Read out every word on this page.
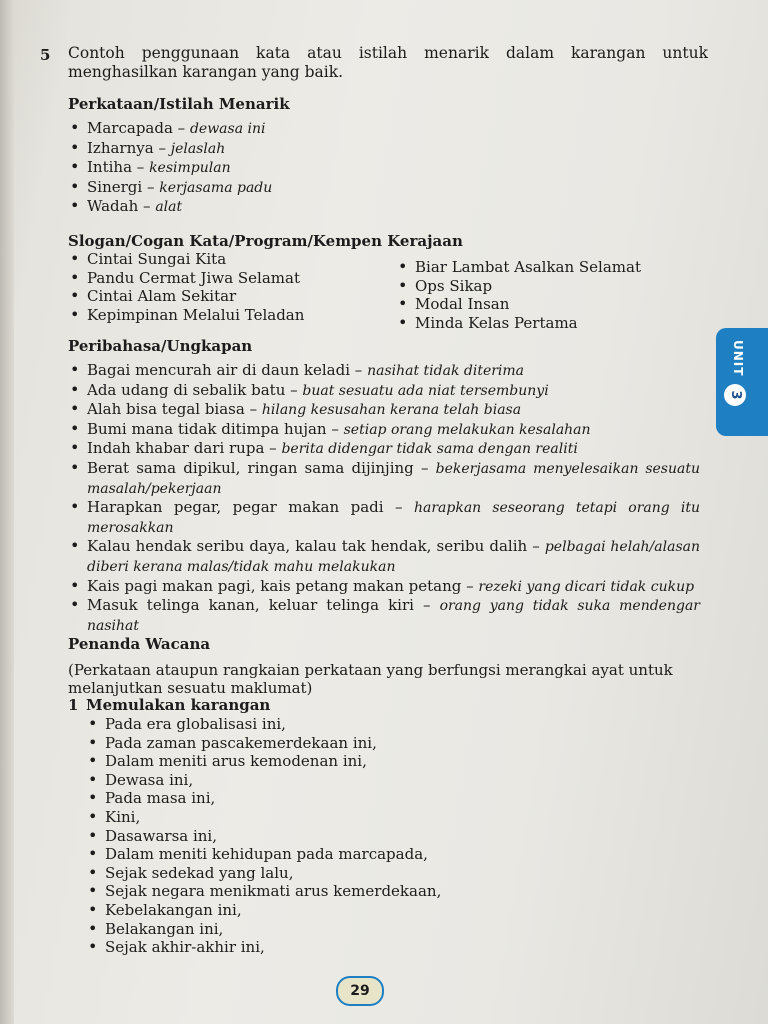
5 Contoh penggunaan kata atau istilah menarik dalam karangan untuk menghasilkan karangan yang baik.
Perkataan/Istilah Menarik
• Marcapada – dewasa ini
• Izharnya – jelaslah
• Intiha – kesimpulan
• Sinergi – kerjasama padu
• Wadah – alat
Slogan/Cogan Kata/Program/Kempen Kerajaan
• Cintai Sungai Kita
• Pandu Cermat Jiwa Selamat
• Cintai Alam Sekitar
• Kepimpinan Melalui Teladan
• Biar Lambat Asalkan Selamat
• Ops Sikap
• Modal Insan
• Minda Kelas Pertama
Peribahasa/Ungkapan
• Bagai mencurah air di daun keladi – nasihat tidak diterima
• Ada udang di sebalik batu – buat sesuatu ada niat tersembunyi
• Alah bisa tegal biasa – hilang kesusahan kerana telah biasa
• Bumi mana tidak ditimpa hujan – setiap orang melakukan kesalahan
• Indah khabar dari rupa – berita didengar tidak sama dengan realiti
• Berat sama dipikul, ringan sama dijinjing – bekerjasama menyelesaikan sesuatu masalah/pekerjaan
• Harapkan pegar, pegar makan padi – harapkan seseorang tetapi orang itu merosakkan
• Kalau hendak seribu daya, kalau tak hendak, seribu dalih – pelbagai helah/alasan diberi kerana malas/tidak mahu melakukan
• Kais pagi makan pagi, kais petang makan petang – rezeki yang dicari tidak cukup
• Masuk telinga kanan, keluar telinga kiri – orang yang tidak suka mendengar nasihat
Penanda Wacana
(Perkataan ataupun rangkaian perkataan yang berfungsi merangkai ayat untuk melanjutkan sesuatu maklumat)
1 Memulakan karangan
• Pada era globalisasi ini,
• Pada zaman pascakemerdekaan ini,
• Dalam meniti arus kemodenan ini,
• Dewasa ini,
• Pada masa ini,
• Kini,
• Dasawarsa ini,
• Dalam meniti kehidupan pada marcapada,
• Sejak sedekad yang lalu,
• Sejak negara menikmati arus kemerdekaan,
• Kebelakangan ini,
• Belakangan ini,
• Sejak akhir-akhir ini,
UNIT
3
29
